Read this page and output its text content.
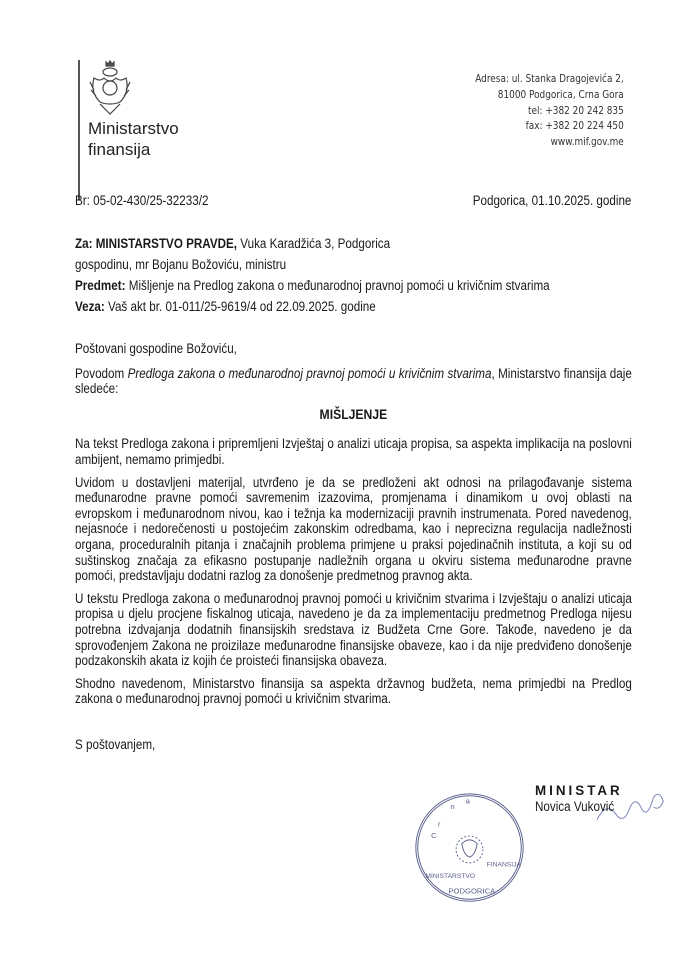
Ministarstvo
finansija
Adresa: ul. Stanka Dragojevića 2,
81000 Podgorica, Crna Gora
tel: +382 20 242 835
fax: +382 20 224 450
www.mif.gov.me
Br: 05-02-430/25-32233/2	Podgorica, 01.10.2025. godine
Za: MINISTARSTVO PRAVDE, Vuka Karadžića 3, Podgorica
gospodinu, mr Bojanu Božoviću, ministru
Predmet: Mišljenje na Predlog zakona o međunarodnoj pravnoj pomoći u krivičnim stvarima
Veza: Vaš akt br. 01-011/25-9619/4 od 22.09.2025. godine

Poštovani gospodine Božoviću,

Povodom Predloga zakona o međunarodnoj pravnoj pomoći u krivičnim stvarima, Ministarstvo finansija daje sledeće:

MIŠLJENJE

Na tekst Predloga zakona i pripremljeni Izvještaj o analizi uticaja propisa, sa aspekta implikacija na poslovni ambijent, nemamo primjedbi.

Uvidom u dostavljeni materijal, utvrđeno je da se predloženi akt odnosi na prilagođavanje sistema međunarodne pravne pomoći savremenim izazovima, promjenama i dinamikom u ovoj oblasti na evropskom i međunarodnom nivou, kao i težnja ka modernizaciji pravnih instrumenata. Pored navedenog, nejasnoće i nedorečenosti u postojećim zakonskim odredbama, kao i neprecizna regulacija nadležnosti organa, proceduralnih pitanja i značajnih problema primjene u praksi pojedinačnih instituta, a koji su od suštinskog značaja za efikasno postupanje nadležnih organa u okviru sistema međunarodne pravne pomoći, predstavljaju dodatni razlog za donošenje predmetnog pravnog akta.

U tekstu Predloga zakona o međunarodnoj pravnoj pomoći u krivičnim stvarima i Izvještaju o analizi uticaja propisa u djelu procjene fiskalnog uticaja, navedeno je da za implementaciju predmetnog Predloga nijesu potrebna izdvajanja dodatnih finansijskih sredstava iz Budžeta Crne Gore. Takođe, navedeno je da sprovođenjem Zakona ne proizilaze međunarodne finansijske obaveze, kao i da nije predviđeno donošenje podzakonskih akata iz kojih će proisteći finansijska obaveza.

Shodno navedenom, Ministarstvo finansija sa aspekta državnog budžeta, nema primjedbi na Predlog zakona o međunarodnoj pravnoj pomoći u krivičnim stvarima.

S poštovanjem,

C
r
n
a
MINISTARSTVO
FINANSIJA
PODGORICA
MINISTAR
Novica Vuković
